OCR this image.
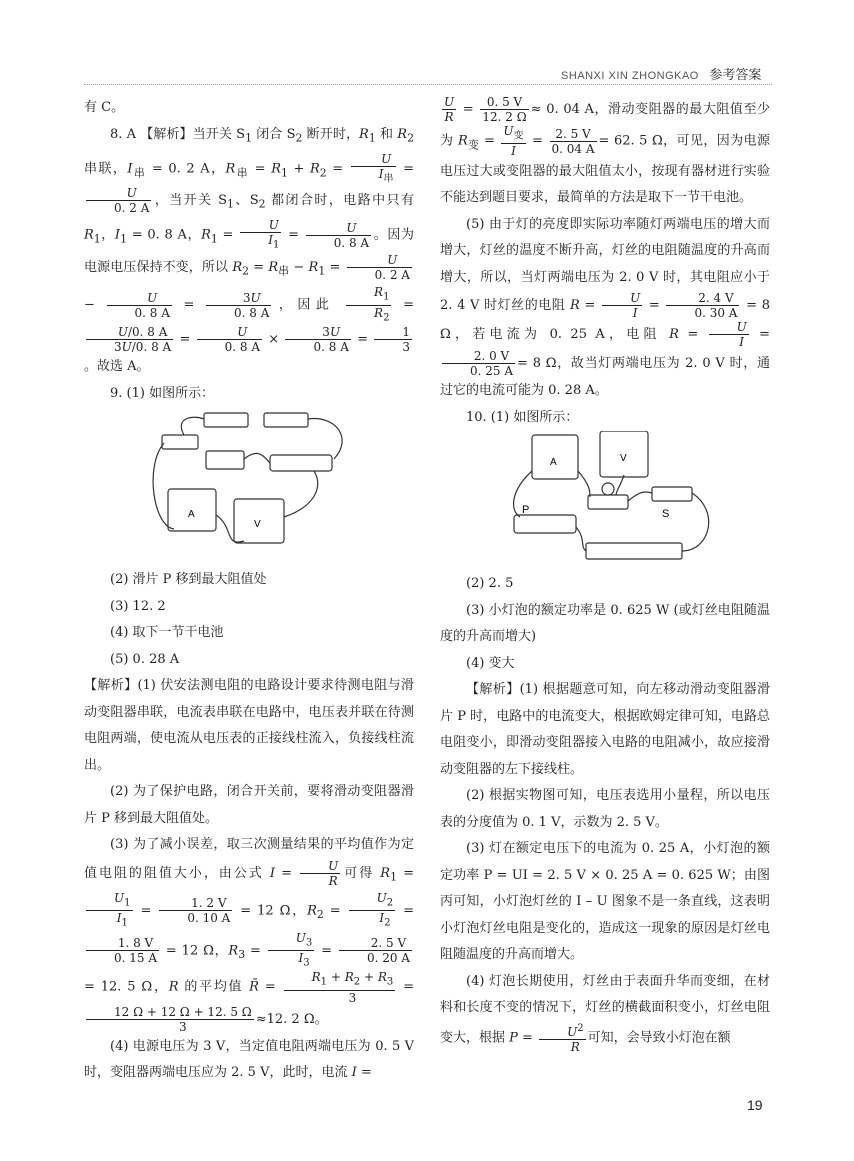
SHANXI XIN ZHONGKAO 参考答案

有 C。

8. A 【解析】当开关 $S_1$ 闭合 $S_2$ 断开时，$R_1$ 和 $R_2$ 串联，$I_串 = 0$. 2 A，$R_串 = R_1 + R_2$ =
U
$I_串$
=
$\frac{U}{0. 2 A}$ ，当开关 $S_1$、$S_2$ 都闭合时，电路中只有 $R_1$，$I_1 = 0$. 8 A，$R_1 = \frac{U}{I_1} = \frac{U}{0. 8 A}$ 。因为电源电压保持不变，所以 $R_2 = R_串 - R_1 = \frac{U}{0. 2 A}$
− $\frac{U}{0. 8 A} = \frac{3U}{0. 8 A}$ ，因此 $\frac{R_1}{R_2}$ =
$\frac{U/0. 8 A}{3U/0. 8 A} = \frac{U}{0. 8 A} \times \frac{3U}{0. 8 A} = \frac{1}{3}$
。故选 A。

9. (1) 如图所示：

A
V

(2) 滑片 P 移到最大阻值处

(3) 12. 2

(4) 取下一节干电池

(5) 0. 28 A

【解析】(1) 伏安法测电阻的电路设计要求待测电阻与滑动变阻器串联，电流表串联在电路中，电压表并联在待测电阻两端，使电流从电压表的正接线柱流入，负接线柱流出。

(2) 为了保护电路，闭合开关前，要将滑动变阻器滑片 P 移到最大阻值处。

(3) 为了减小误差，取三次测量结果的平均值作为定值电阻的阻值大小，由公式 $I = \frac{U}{R}$ 可得 $R_1$ =
$\frac{U_1}{I_1} = \frac{1. 2 V}{0. 10 A} = 12$ Ω，$R_2 = \frac{U_2}{I_2}$ =
$\frac{1. 8 V}{0. 15 A} = 12$ Ω，$R_3 = \frac{U_3}{I_3} = \frac{2. 5 V}{0. 20 A}$
= 12. 5 Ω，R 的平均值 R̄ = $\frac{R_1 + R_2 + R_3}{3}$ =
$\frac{12 \Omega + 12 \Omega + 12. 5 \Omega}{3} \approx 12$. 2 Ω。

(4) 电源电压为 3 V，当定值电阻两端电压为 0. 5 V时，变阻器两端电压应为 2. 5 V，此时，电流 I =

$\frac{U}{R} = \frac{0. 5 V}{12. 2 \Omega} \approx 0$. 04 A，滑动变阻器的最大阻值至少为 $R_变$ =
$U_变$
I
= $\frac{2. 5 V}{0. 04 A} = 62$. 5 Ω，可见，因为电源电压过大或变阻器的最大阻值太小，按现有器材进行实验不能达到题目要求，最简单的方法是取下一节干电池。

(5) 由于灯的亮度即实际功率随灯两端电压的增大而增大，灯丝的温度不断升高，灯丝的电阻随温度的升高而增大，所以，当灯两端电压为 2. 0 V 时，其电阻应小于 2. 4 V 时灯丝的电阻 $R = \frac{U}{I} = \frac{2. 4 V}{0. 30 A} = 8$ Ω，若电流为 0. 25 A，电阻 $R = \frac{U}{I}$ =
$\frac{2. 0 V}{0. 25 A} = 8$ Ω，故当灯两端电压为 2. 0 V 时，通过它的电流可能为 0. 28 A。

10. (1) 如图所示：

A	V
P	S

(2) 2. 5

(3) 小灯泡的额定功率是 0. 625 W (或灯丝电阻随温度的升高而增大)

(4) 变大

【解析】(1) 根据题意可知，向左移动滑动变阻器滑片 P 时，电路中的电流变大，根据欧姆定律可知，电路总电阻变小，即滑动变阻器接入电路的电阻减小，故应接滑动变阻器的左下接线柱。

(2) 根据实物图可知，电压表选用小量程，所以电压表的分度值为 0. 1 V，示数为 2. 5 V。

(3) 灯在额定电压下的电流为 0. 25 A，小灯泡的额定功率 P = UI = 2. 5 V × 0. 25 A = 0. 625 W；由图丙可知，小灯泡灯丝的 I – U 图象不是一条直线，这表明小灯泡灯丝电阻是变化的，造成这一现象的原因是灯丝电阻随温度的升高而增大。

(4) 灯泡长期使用，灯丝由于表面升华而变细，在材料和长度不变的情况下，灯丝的横截面积变小，灯丝电阻变大，根据 $P = \frac{U^2}{R}$ 可知，会导致小灯泡在额

19
